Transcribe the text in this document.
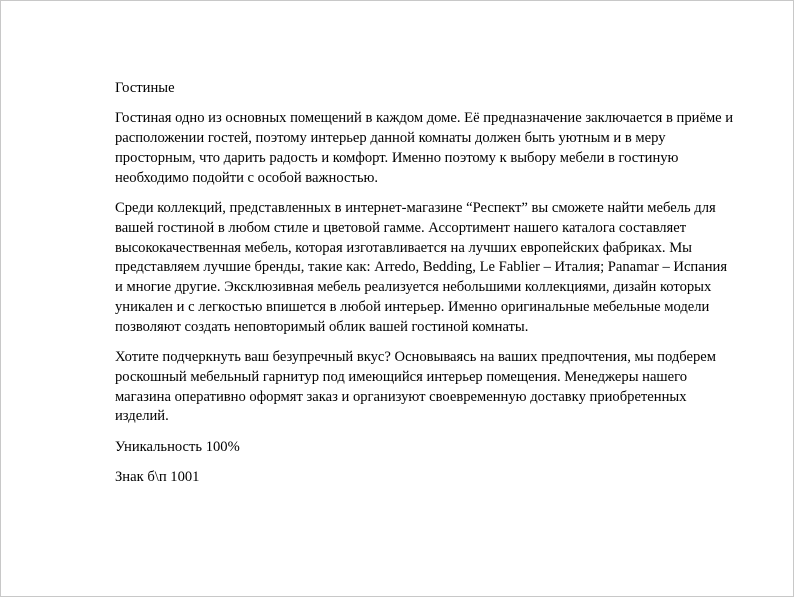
Гостиные

Гостиная одно из основных помещений в каждом доме. Её предназначение заключается в приёме и расположении гостей, поэтому интерьер данной комнаты должен быть уютным и в меру просторным, что дарить радость и комфорт. Именно поэтому к выбору мебели в гостиную необходимо подойти с особой важностью.

Среди коллекций, представленных в интернет-магазине “Респект” вы сможете найти мебель для вашей гостиной в любом стиле и цветовой гамме. Ассортимент нашего каталога составляет высококачественная мебель, которая изготавливается на лучших европейских фабриках. Мы представляем лучшие бренды, такие как: Arredo, Bedding, Le Fablier – Италия; Panamar – Испания и многие другие. Эксклюзивная мебель реализуется небольшими коллекциями, дизайн которых уникален и с легкостью впишется в любой интерьер. Именно оригинальные мебельные модели позволяют создать неповторимый облик вашей гостиной комнаты.

Хотите подчеркнуть ваш безупречный вкус? Основываясь на ваших предпочтения, мы подберем роскошный мебельный гарнитур под имеющийся интерьер помещения. Менеджеры нашего магазина оперативно оформят заказ и организуют своевременную доставку приобретенных изделий.

Уникальность 100%

Знак б\п 1001
